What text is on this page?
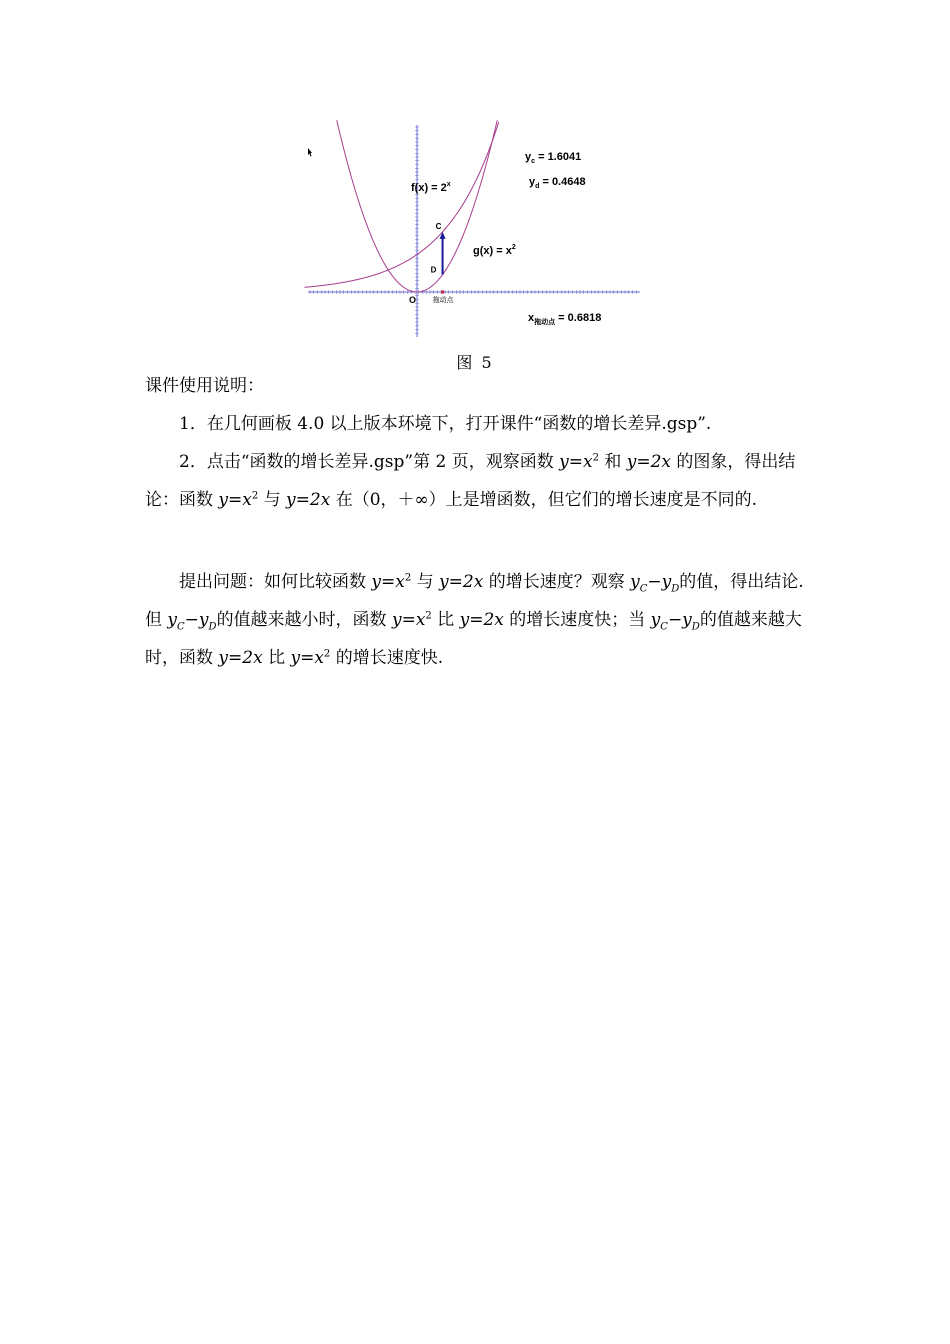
$f(x) = 2^x$
$g(x) = x^2$
$y_c = 1.6041$
$y_d = 0.4648$
$x_{拖动点} = 0.6818$
O
C
D
拖动点
图 5

课件使用说明：

1．在几何画板 4.0 以上版本环境下，打开课件“函数的增长差异.gsp”.

2．点击“函数的增长差异.gsp”第 2 页，观察函数 $y=x^2$ 和 y=2x 的图象，得出结论：函数 $y=x^2$ 与 y=2x 在（0，＋∞）上是增函数，但它们的增长速度是不同的.

提出问题：如何比较函数 $y=x^2$ 与 y=2x 的增长速度？观察 $y_C-y_D$的值，得出结论.但 $y_C-y_D$的值越来越小时，函数 $y=x^2$ 比 y=2x 的增长速度快；当 $y_C-y_D$的值越来越大时，函数 y=2x 比 $y=x^2$ 的增长速度快.
